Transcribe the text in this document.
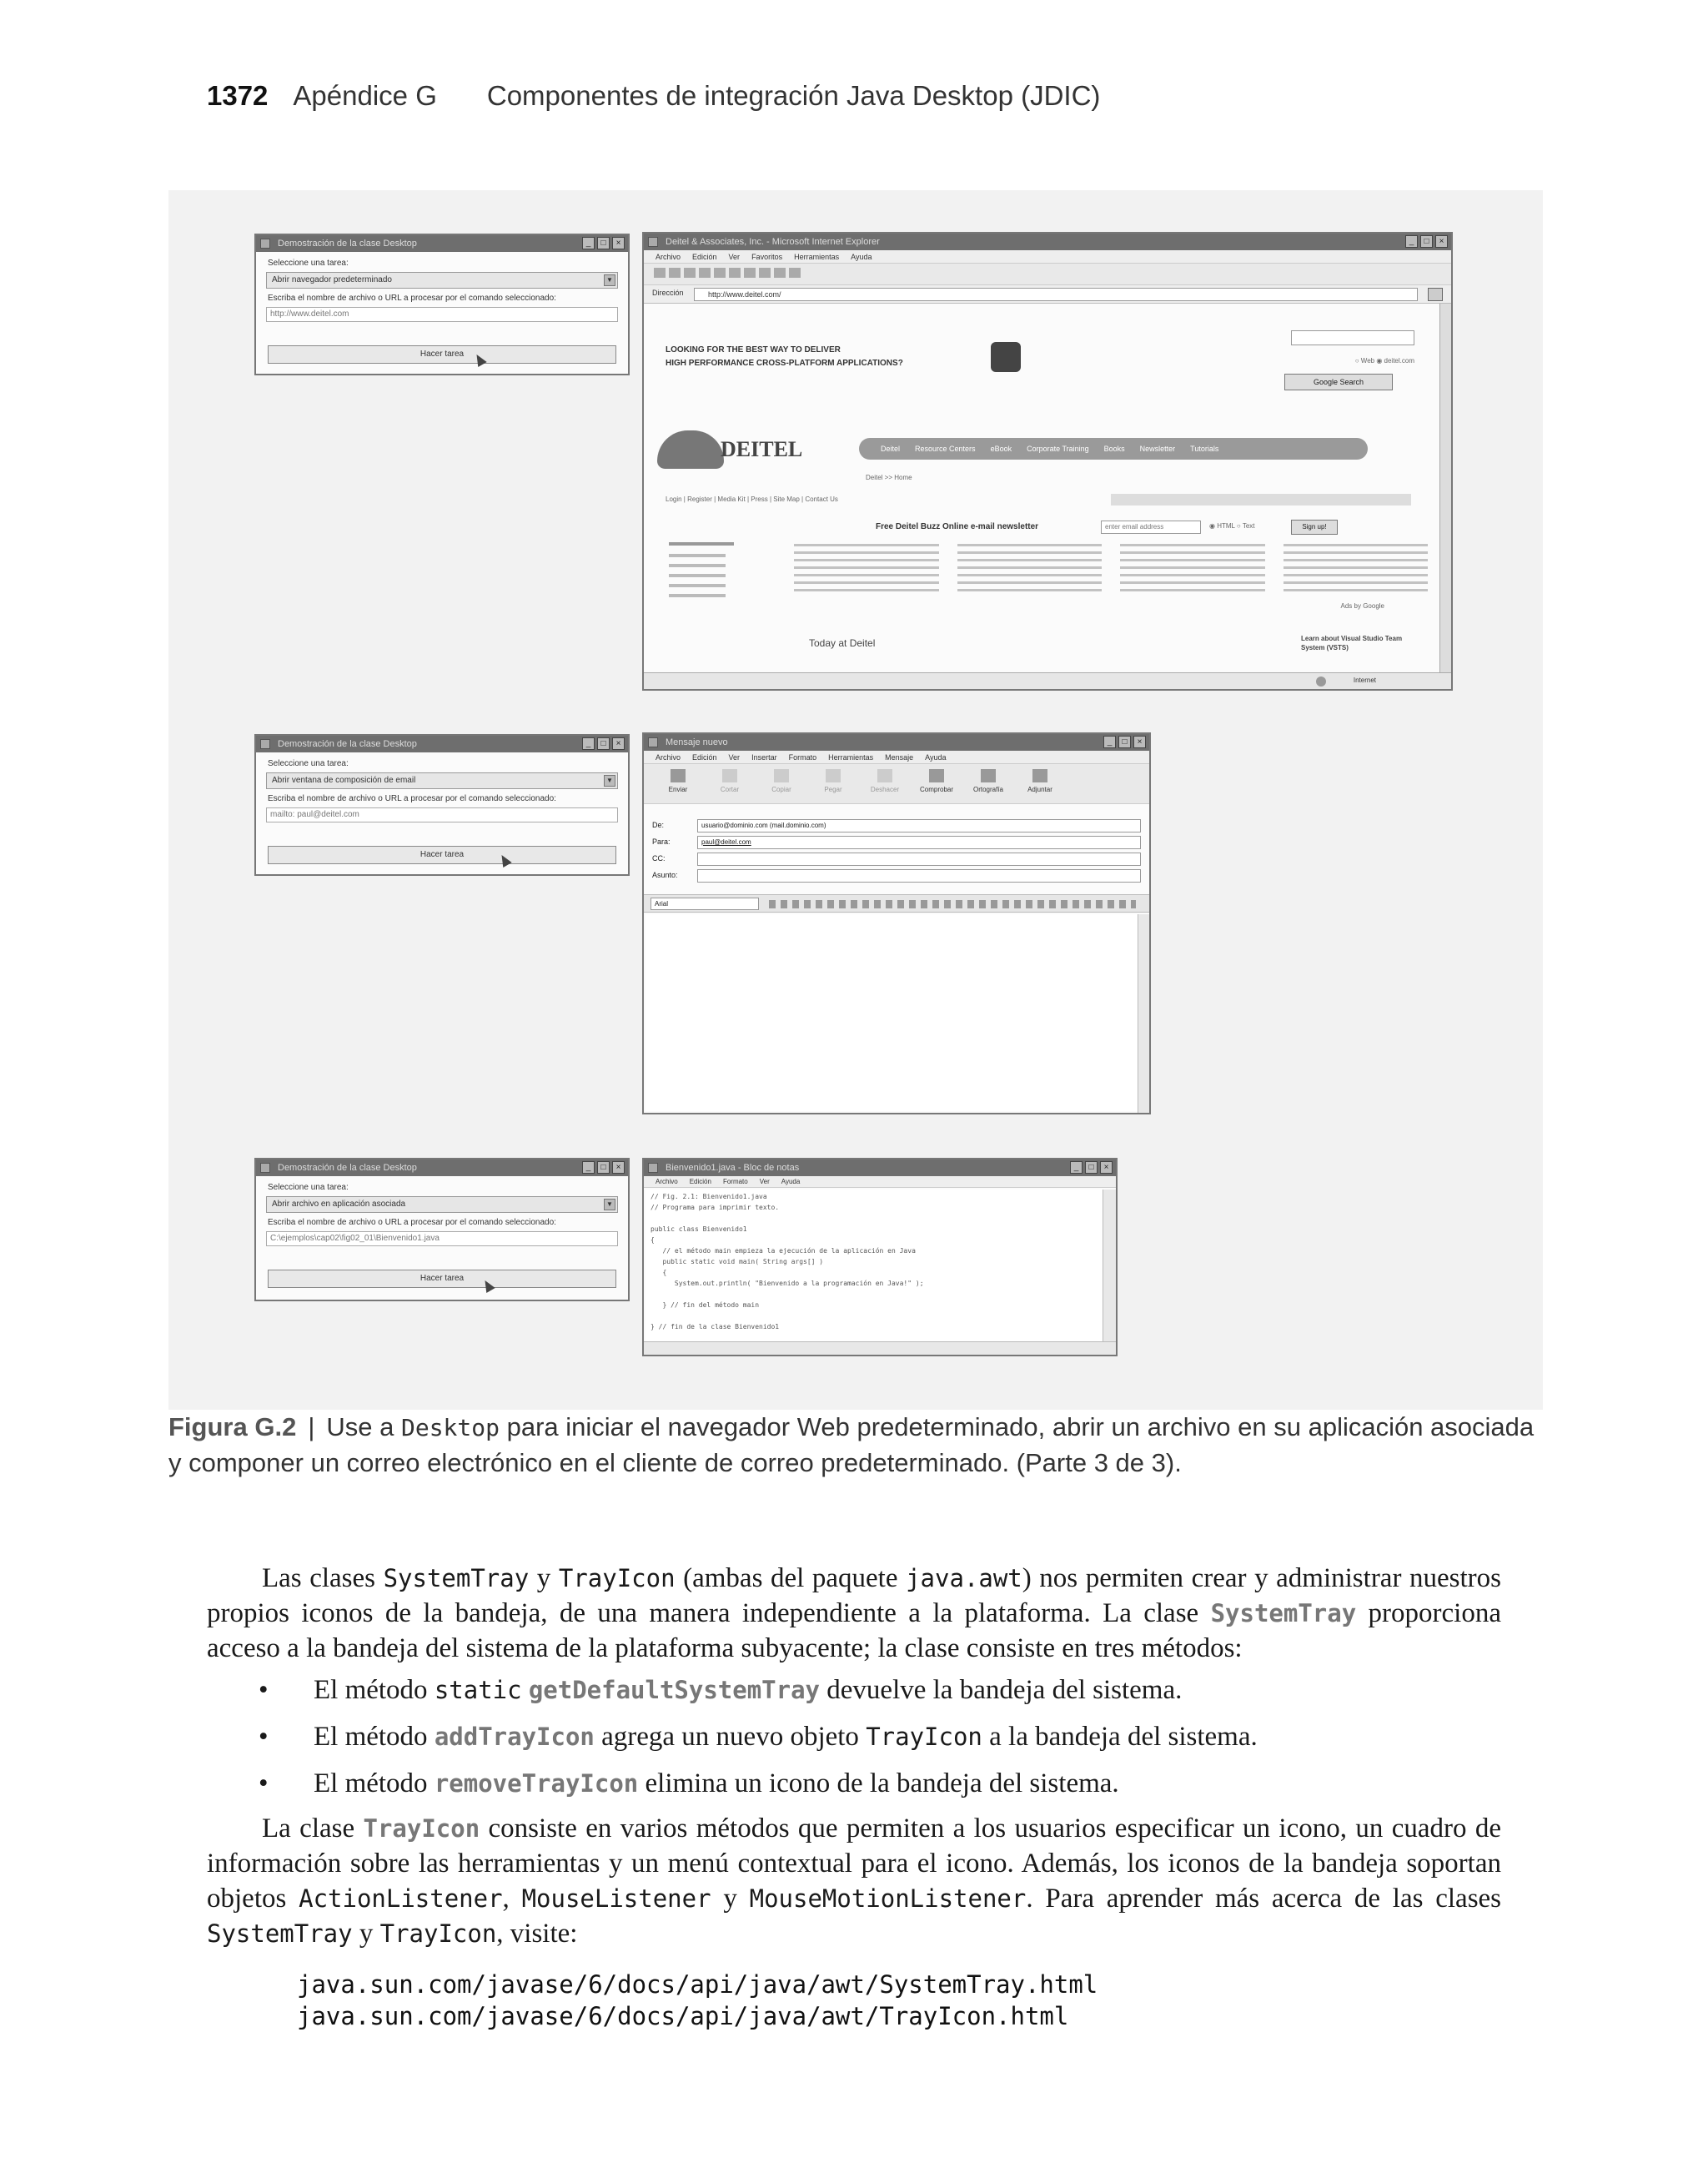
1372 Apéndice G Componentes de integración Java Desktop (JDIC)
Demostración de la clase Desktop	_	□	×
Seleccione una tarea:
Abrir navegador predeterminado	▼
Escriba el nombre de archivo o URL a procesar por el comando seleccionado:
http://www.deitel.com
Hacer tarea
Deitel & Associates, Inc. - Microsoft Internet Explorer	_	□	×
Archivo Edición Ver Favoritos Herramientas Ayuda
Dirección	http://www.deitel.com/
LOOKING FOR THE BEST WAY TO DELIVER
HIGH PERFORMANCE CROSS-PLATFORM APPLICATIONS?	○ Web ◉ deitel.com
Google Search
DEITEL	Deitel Resource Centers eBook Corporate Training Books Newsletter Tutorials
Deitel >> Home
Login | Register | Media Kit | Press | Site Map | Contact Us
Free Deitel Buzz Online e-mail newsletter	enter email address	◉ HTML ○ Text	Sign up!
Ads by Google
Today at Deitel	Learn about Visual Studio Team System (VSTS)
Internet
Demostración de la clase Desktop	_	□	×
Seleccione una tarea:
Abrir ventana de composición de email	▼
Escriba el nombre de archivo o URL a procesar por el comando seleccionado:
mailto: paul@deitel.com
Hacer tarea
Mensaje nuevo	_	□	×
Archivo Edición Ver Insertar Formato Herramientas Mensaje Ayuda
Enviar	Cortar	Copiar	Pegar	Deshacer	Comprobar	Ortografía	Adjuntar
De:	usuario@dominio.com (mail.dominio.com)
Para:	paul@deitel.com
CC:
Asunto:
Arial
Demostración de la clase Desktop	_	□	×
Seleccione una tarea:
Abrir archivo en aplicación asociada	▼
Escriba el nombre de archivo o URL a procesar por el comando seleccionado:
C:\ejemplos\cap02\fig02_01\Bienvenido1.java
Hacer tarea
Bienvenido1.java - Bloc de notas	_	□	×
Archivo Edición Formato Ver Ayuda
// Fig. 2.1: Bienvenido1.java
// Programa para imprimir texto.

public class Bienvenido1
{
// el método main empieza la ejecución de la aplicación en Java
public static void main( String args[] )
{
System.out.println( "Bienvenido a la programación en Java!" );

} // fin del método main

} // fin de la clase Bienvenido1
Figura G.2 | Use a Desktop para iniciar el navegador Web predeterminado, abrir un archivo en su aplicación asociada y componer un correo electrónico en el cliente de correo predeterminado. (Parte 3 de 3).
Las clases SystemTray y TrayIcon (ambas del paquete java.awt) nos permiten crear y administrar nuestros propios iconos de la bandeja, de una manera independiente a la plataforma. La clase SystemTray proporciona acceso a la bandeja del sistema de la plataforma subyacente; la clase consiste en tres métodos:
• El método static getDefaultSystemTray devuelve la bandeja del sistema.
• El método addTrayIcon agrega un nuevo objeto TrayIcon a la bandeja del sistema.
• El método removeTrayIcon elimina un icono de la bandeja del sistema.
La clase TrayIcon consiste en varios métodos que permiten a los usuarios especificar un icono, un cuadro de información sobre las herramientas y un menú contextual para el icono. Además, los iconos de la bandeja soportan objetos ActionListener, MouseListener y MouseMotionListener. Para aprender más acerca de las clases SystemTray y TrayIcon, visite:
java.sun.com/javase/6/docs/api/java/awt/SystemTray.html
java.sun.com/javase/6/docs/api/java/awt/TrayIcon.html
